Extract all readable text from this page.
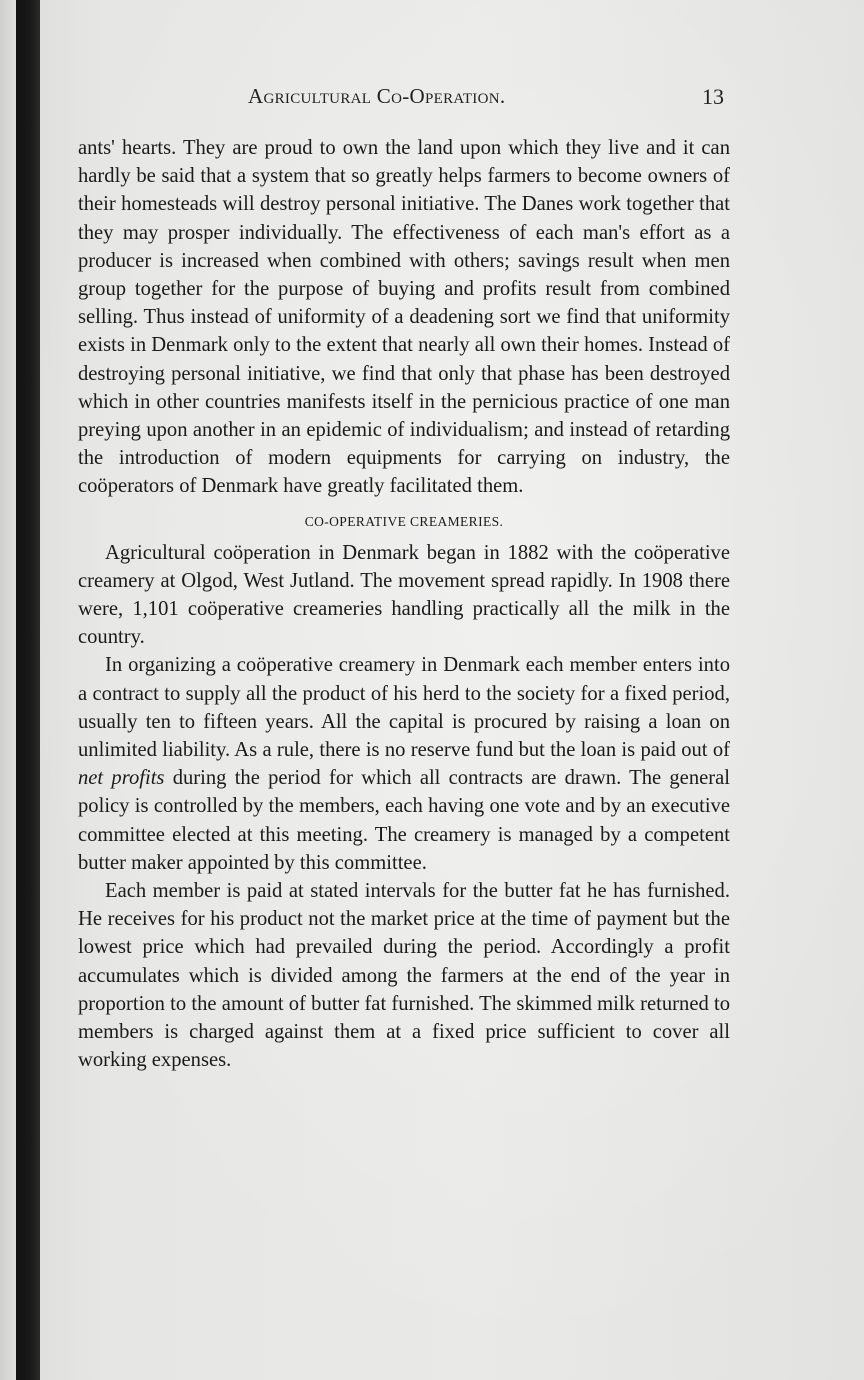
Agricultural Co-Operation.	13

ants' hearts. They are proud to own the land upon which they live and it can hardly be said that a system that so greatly helps farmers to become owners of their homesteads will destroy personal initiative. The Danes work together that they may prosper individually. The effectiveness of each man's effort as a producer is increased when combined with others; savings result when men group together for the purpose of buying and profits result from combined selling. Thus instead of uniformity of a deadening sort we find that uniformity exists in Denmark only to the extent that nearly all own their homes. Instead of destroying personal initiative, we find that only that phase has been destroyed which in other countries manifests itself in the pernicious practice of one man preying upon another in an epidemic of individualism; and instead of retarding the introduction of modern equipments for carrying on industry, the coöperators of Denmark have greatly facilitated them.

CO-OPERATIVE CREAMERIES.

Agricultural coöperation in Denmark began in 1882 with the coöperative creamery at Olgod, West Jutland. The movement spread rapidly. In 1908 there were, 1,101 coöperative creameries handling practically all the milk in the country.

In organizing a coöperative creamery in Denmark each member enters into a contract to supply all the product of his herd to the society for a fixed period, usually ten to fifteen years. All the capital is procured by raising a loan on unlimited liability. As a rule, there is no reserve fund but the loan is paid out of net profits during the period for which all contracts are drawn. The general policy is controlled by the members, each having one vote and by an executive committee elected at this meeting. The creamery is managed by a competent butter maker appointed by this committee.

Each member is paid at stated intervals for the butter fat he has furnished. He receives for his product not the market price at the time of payment but the lowest price which had prevailed during the period. Accordingly a profit accumulates which is divided among the farmers at the end of the year in proportion to the amount of butter fat furnished. The skimmed milk returned to members is charged against them at a fixed price sufficient to cover all working expenses.
